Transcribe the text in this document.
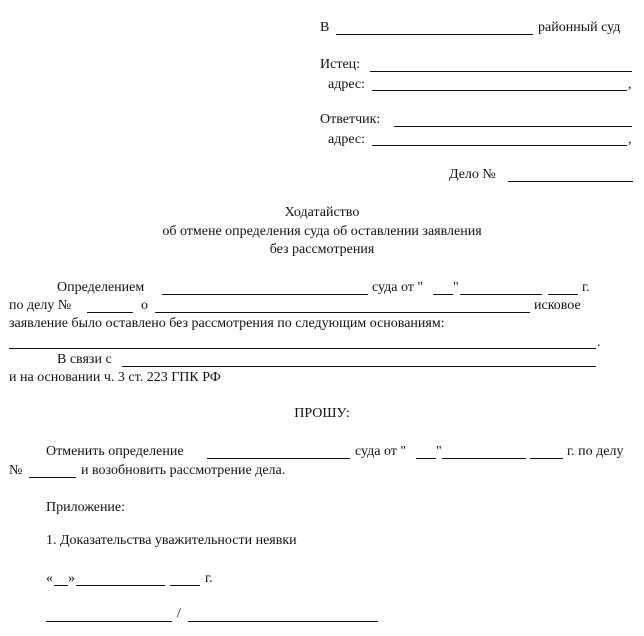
В	районный суд
Истец:
адрес:	,
Ответчик:
адрес:	,
Дело №
Ходатайство
об отмене определения суда об оставлении заявления
без рассмотрения
Определением	суда от " "	г.
по делу №	о	исковое
заявление было оставлено без рассмотрения по следующим основаниям:
.
В связи с
и на основании ч. 3 ст. 223 ГПК РФ
ПРОШУ:
Отменить определение	суда от " "	г. по делу
№	и возобновить рассмотрение дела.
Приложение:
1. Доказательства уважительности неявки
« »	г.
/
